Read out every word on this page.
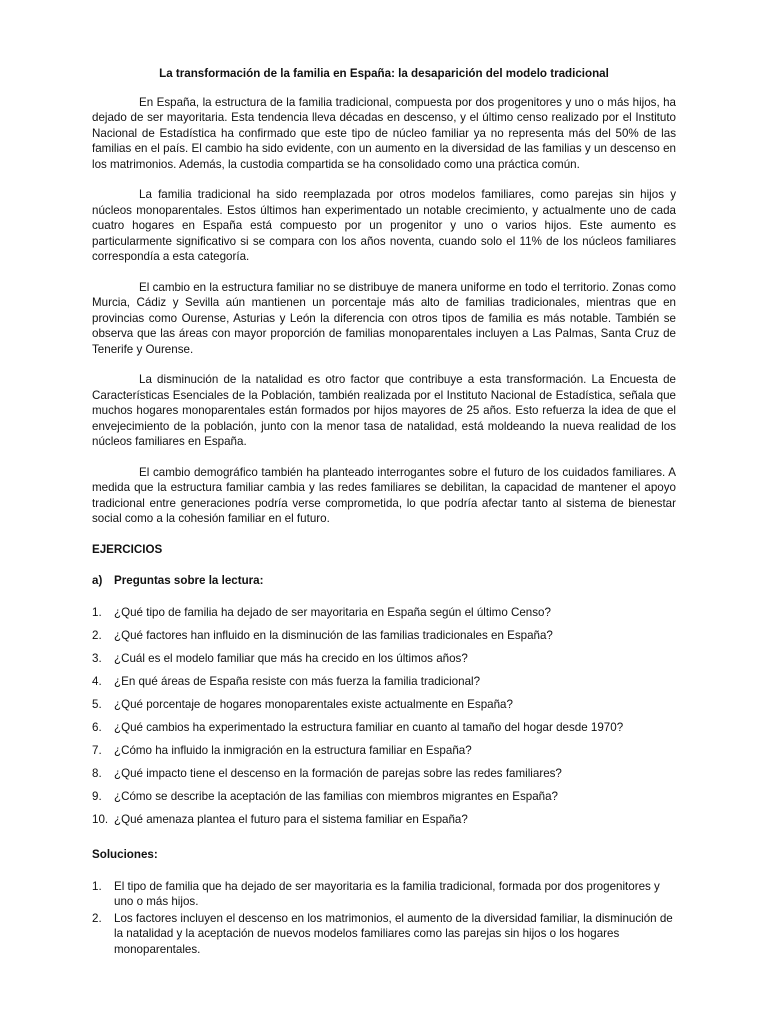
La transformación de la familia en España: la desaparición del modelo tradicional

En España, la estructura de la familia tradicional, compuesta por dos progenitores y uno o más hijos, ha dejado de ser mayoritaria. Esta tendencia lleva décadas en descenso, y el último censo realizado por el Instituto Nacional de Estadística ha confirmado que este tipo de núcleo familiar ya no representa más del 50% de las familias en el país. El cambio ha sido evidente, con un aumento en la diversidad de las familias y un descenso en los matrimonios. Además, la custodia compartida se ha consolidado como una práctica común.

La familia tradicional ha sido reemplazada por otros modelos familiares, como parejas sin hijos y núcleos monoparentales. Estos últimos han experimentado un notable crecimiento, y actualmente uno de cada cuatro hogares en España está compuesto por un progenitor y uno o varios hijos. Este aumento es particularmente significativo si se compara con los años noventa, cuando solo el 11% de los núcleos familiares correspondía a esta categoría.

El cambio en la estructura familiar no se distribuye de manera uniforme en todo el territorio. Zonas como Murcia, Cádiz y Sevilla aún mantienen un porcentaje más alto de familias tradicionales, mientras que en provincias como Ourense, Asturias y León la diferencia con otros tipos de familia es más notable. También se observa que las áreas con mayor proporción de familias monoparentales incluyen a Las Palmas, Santa Cruz de Tenerife y Ourense.

La disminución de la natalidad es otro factor que contribuye a esta transformación. La Encuesta de Características Esenciales de la Población, también realizada por el Instituto Nacional de Estadística, señala que muchos hogares monoparentales están formados por hijos mayores de 25 años. Esto refuerza la idea de que el envejecimiento de la población, junto con la menor tasa de natalidad, está moldeando la nueva realidad de los núcleos familiares en España.

El cambio demográfico también ha planteado interrogantes sobre el futuro de los cuidados familiares. A medida que la estructura familiar cambia y las redes familiares se debilitan, la capacidad de mantener el apoyo tradicional entre generaciones podría verse comprometida, lo que podría afectar tanto al sistema de bienestar social como a la cohesión familiar en el futuro.

EJERCICIOS
a)	Preguntas sobre la lectura:
1.	¿Qué tipo de familia ha dejado de ser mayoritaria en España según el último Censo?
2.	¿Qué factores han influido en la disminución de las familias tradicionales en España?
3.	¿Cuál es el modelo familiar que más ha crecido en los últimos años?
4.	¿En qué áreas de España resiste con más fuerza la familia tradicional?
5.	¿Qué porcentaje de hogares monoparentales existe actualmente en España?
6.	¿Qué cambios ha experimentado la estructura familiar en cuanto al tamaño del hogar desde 1970?
7.	¿Cómo ha influido la inmigración en la estructura familiar en España?
8.	¿Qué impacto tiene el descenso en la formación de parejas sobre las redes familiares?
9.	¿Cómo se describe la aceptación de las familias con miembros migrantes en España?
10. ¿Qué amenaza plantea el futuro para el sistema familiar en España?
Soluciones:
1.	El tipo de familia que ha dejado de ser mayoritaria es la familia tradicional, formada por dos progenitores y uno o más hijos.
2.	Los factores incluyen el descenso en los matrimonios, el aumento de la diversidad familiar, la disminución de la natalidad y la aceptación de nuevos modelos familiares como las parejas sin hijos o los hogares monoparentales.
